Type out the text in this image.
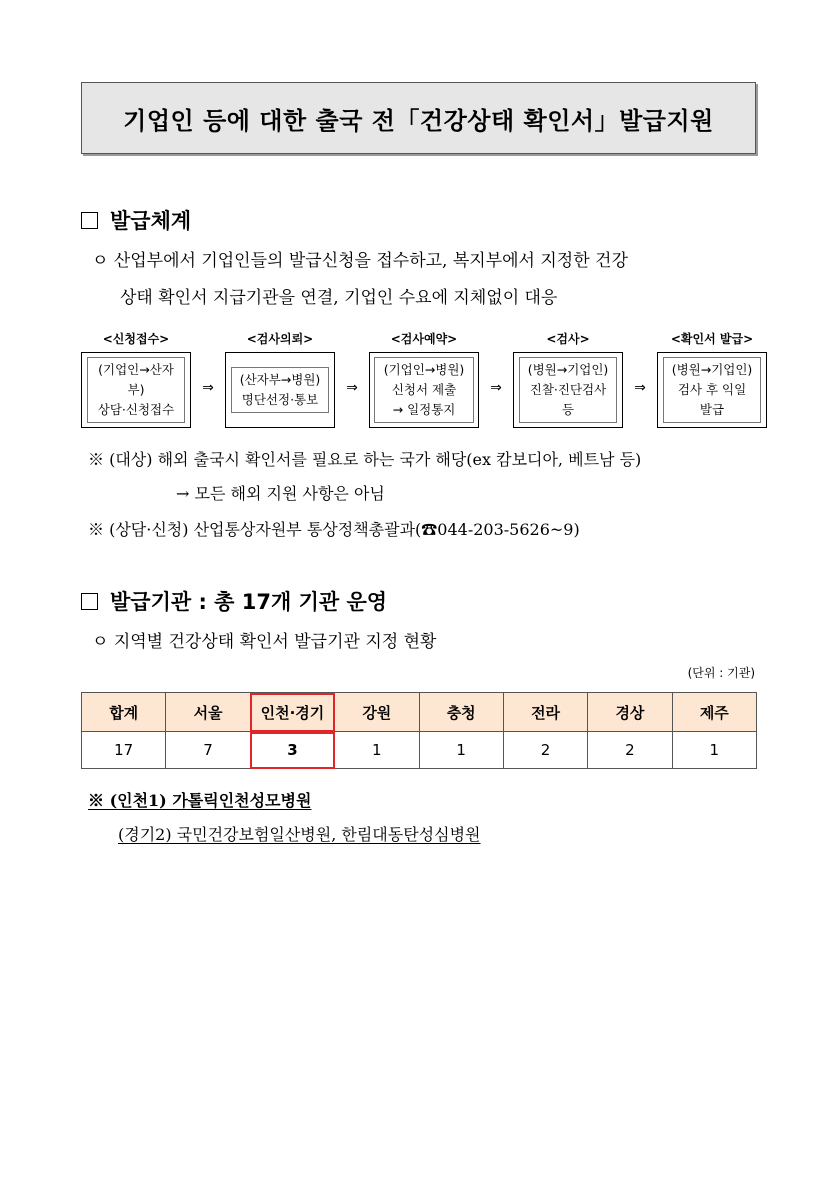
기업인 등에 대한 출국 전「건강상태 확인서」발급지원
발급체계
ㅇ 산업부에서 기업인들의 발급신청을 접수하고, 복지부에서 지정한 건강
상태 확인서 지급기관을 연결, 기업인 수요에 지체없이 대응
<신청접수>	<검사의뢰>	<검사예약>	<검사>	<확인서 발급>
(기업인→산자부)
상담·신청접수
⇒
(산자부→병원)
명단선정·통보
⇒
(기업인→병원)
신청서 제출
→ 일정통지
⇒
(병원→기업인)
진찰·진단검사
등
⇒
(병원→기업인)
검사 후 익일
발급
※ (대상) 해외 출국시 확인서를 필요로 하는 국가 해당(ex 캄보디아, 베트남 등)
→ 모든 해외 지원 사항은 아님
※ (상담·신청) 산업통상자원부 통상정책총괄과(☎044-203-5626~9)
발급기관 : 총 17개 기관 운영
ㅇ 지역별 건강상태 확인서 발급기관 지정 현황
(단위 : 기관)
합계	서울	인천·경기	강원	충청	전라	경상	제주
17	7	3	1	1	2	2	1
※ (인천1) 가톨릭인천성모병원
(경기2) 국민건강보험일산병원, 한림대동탄성심병원
